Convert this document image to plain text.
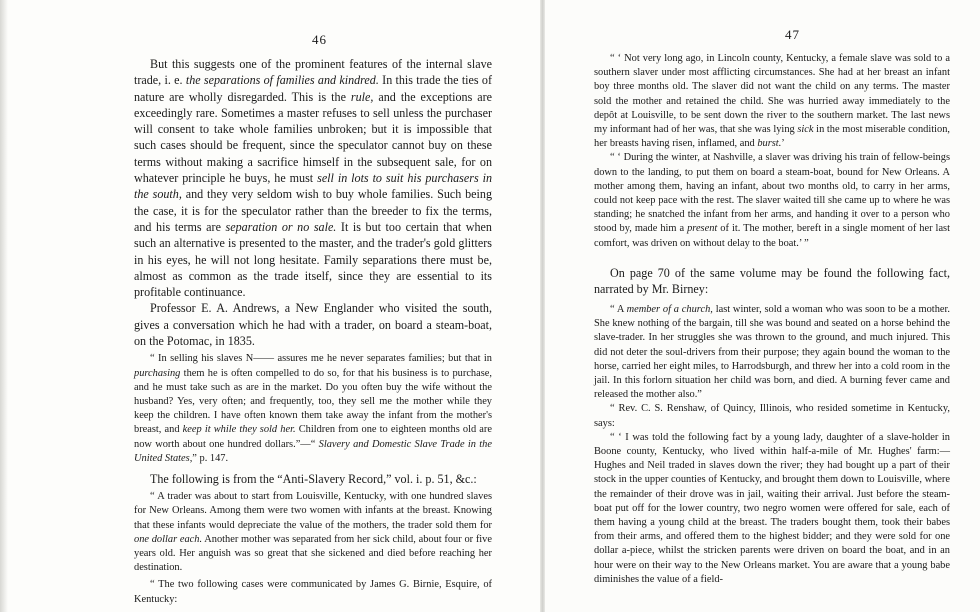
46

But this suggests one of the prominent features of the internal slave trade, i. e. the separations of families and kindred. In this trade the ties of nature are wholly disregarded. This is the rule, and the exceptions are exceedingly rare. Sometimes a master refuses to sell unless the purchaser will consent to take whole families unbroken; but it is impossible that such cases should be frequent, since the speculator cannot buy on these terms without making a sacrifice himself in the subsequent sale, for on whatever principle he buys, he must sell in lots to suit his purchasers in the south, and they very seldom wish to buy whole families. Such being the case, it is for the speculator rather than the breeder to fix the terms, and his terms are separation or no sale. It is but too certain that when such an alternative is presented to the master, and the trader's gold glitters in his eyes, he will not long hesitate. Family separations there must be, almost as common as the trade itself, since they are essential to its profitable continuance.

Professor E. A. Andrews, a New Englander who visited the south, gives a conversation which he had with a trader, on board a steam-boat, on the Potomac, in 1835.

“ In selling his slaves N—— assures me he never separates families; but that in purchasing them he is often compelled to do so, for that his business is to purchase, and he must take such as are in the market. Do you often buy the wife without the husband? Yes, very often; and frequently, too, they sell me the mother while they keep the children. I have often known them take away the infant from the mother's breast, and keep it while they sold her. Children from one to eighteen months old are now worth about one hundred dollars.”—“ Slavery and Domestic Slave Trade in the United States,” p. 147.

The following is from the “Anti-Slavery Record,” vol. i. p. 51, &c.:

“ A trader was about to start from Louisville, Kentucky, with one hundred slaves for New Orleans. Among them were two women with infants at the breast. Knowing that these infants would depreciate the value of the mothers, the trader sold them for one dollar each. Another mother was separated from her sick child, about four or five years old. Her anguish was so great that she sickened and died before reaching her destination.

“ The two following cases were communicated by James G. Birnie, Esquire, of Kentucky:

47

“ ‘ Not very long ago, in Lincoln county, Kentucky, a female slave was sold to a southern slaver under most afflicting circumstances. She had at her breast an infant boy three months old. The slaver did not want the child on any terms. The master sold the mother and retained the child. She was hurried away immediately to the depôt at Louisville, to be sent down the river to the southern market. The last news my informant had of her was, that she was lying sick in the most miserable condition, her breasts having risen, inflamed, and burst.’

“ ‘ During the winter, at Nashville, a slaver was driving his train of fellow-beings down to the landing, to put them on board a steam-boat, bound for New Orleans. A mother among them, having an infant, about two months old, to carry in her arms, could not keep pace with the rest. The slaver waited till she came up to where he was standing; he snatched the infant from her arms, and handing it over to a person who stood by, made him a present of it. The mother, bereft in a single moment of her last comfort, was driven on without delay to the boat.’ ”

On page 70 of the same volume may be found the following fact, narrated by Mr. Birney:

“ A member of a church, last winter, sold a woman who was soon to be a mother. She knew nothing of the bargain, till she was bound and seated on a horse behind the slave-trader. In her struggles she was thrown to the ground, and much injured. This did not deter the soul-drivers from their purpose; they again bound the woman to the horse, carried her eight miles, to Harrodsburgh, and threw her into a cold room in the jail. In this forlorn situation her child was born, and died. A burning fever came and released the mother also.”

“ Rev. C. S. Renshaw, of Quincy, Illinois, who resided sometime in Kentucky, says:

“ ‘ I was told the following fact by a young lady, daughter of a slave-holder in Boone county, Kentucky, who lived within half-a-mile of Mr. Hughes' farm:—Hughes and Neil traded in slaves down the river; they had bought up a part of their stock in the upper counties of Kentucky, and brought them down to Louisville, where the remainder of their drove was in jail, waiting their arrival. Just before the steam-boat put off for the lower country, two negro women were offered for sale, each of them having a young child at the breast. The traders bought them, took their babes from their arms, and offered them to the highest bidder; and they were sold for one dollar a-piece, whilst the stricken parents were driven on board the boat, and in an hour were on their way to the New Orleans market. You are aware that a young babe diminishes the value of a field-
